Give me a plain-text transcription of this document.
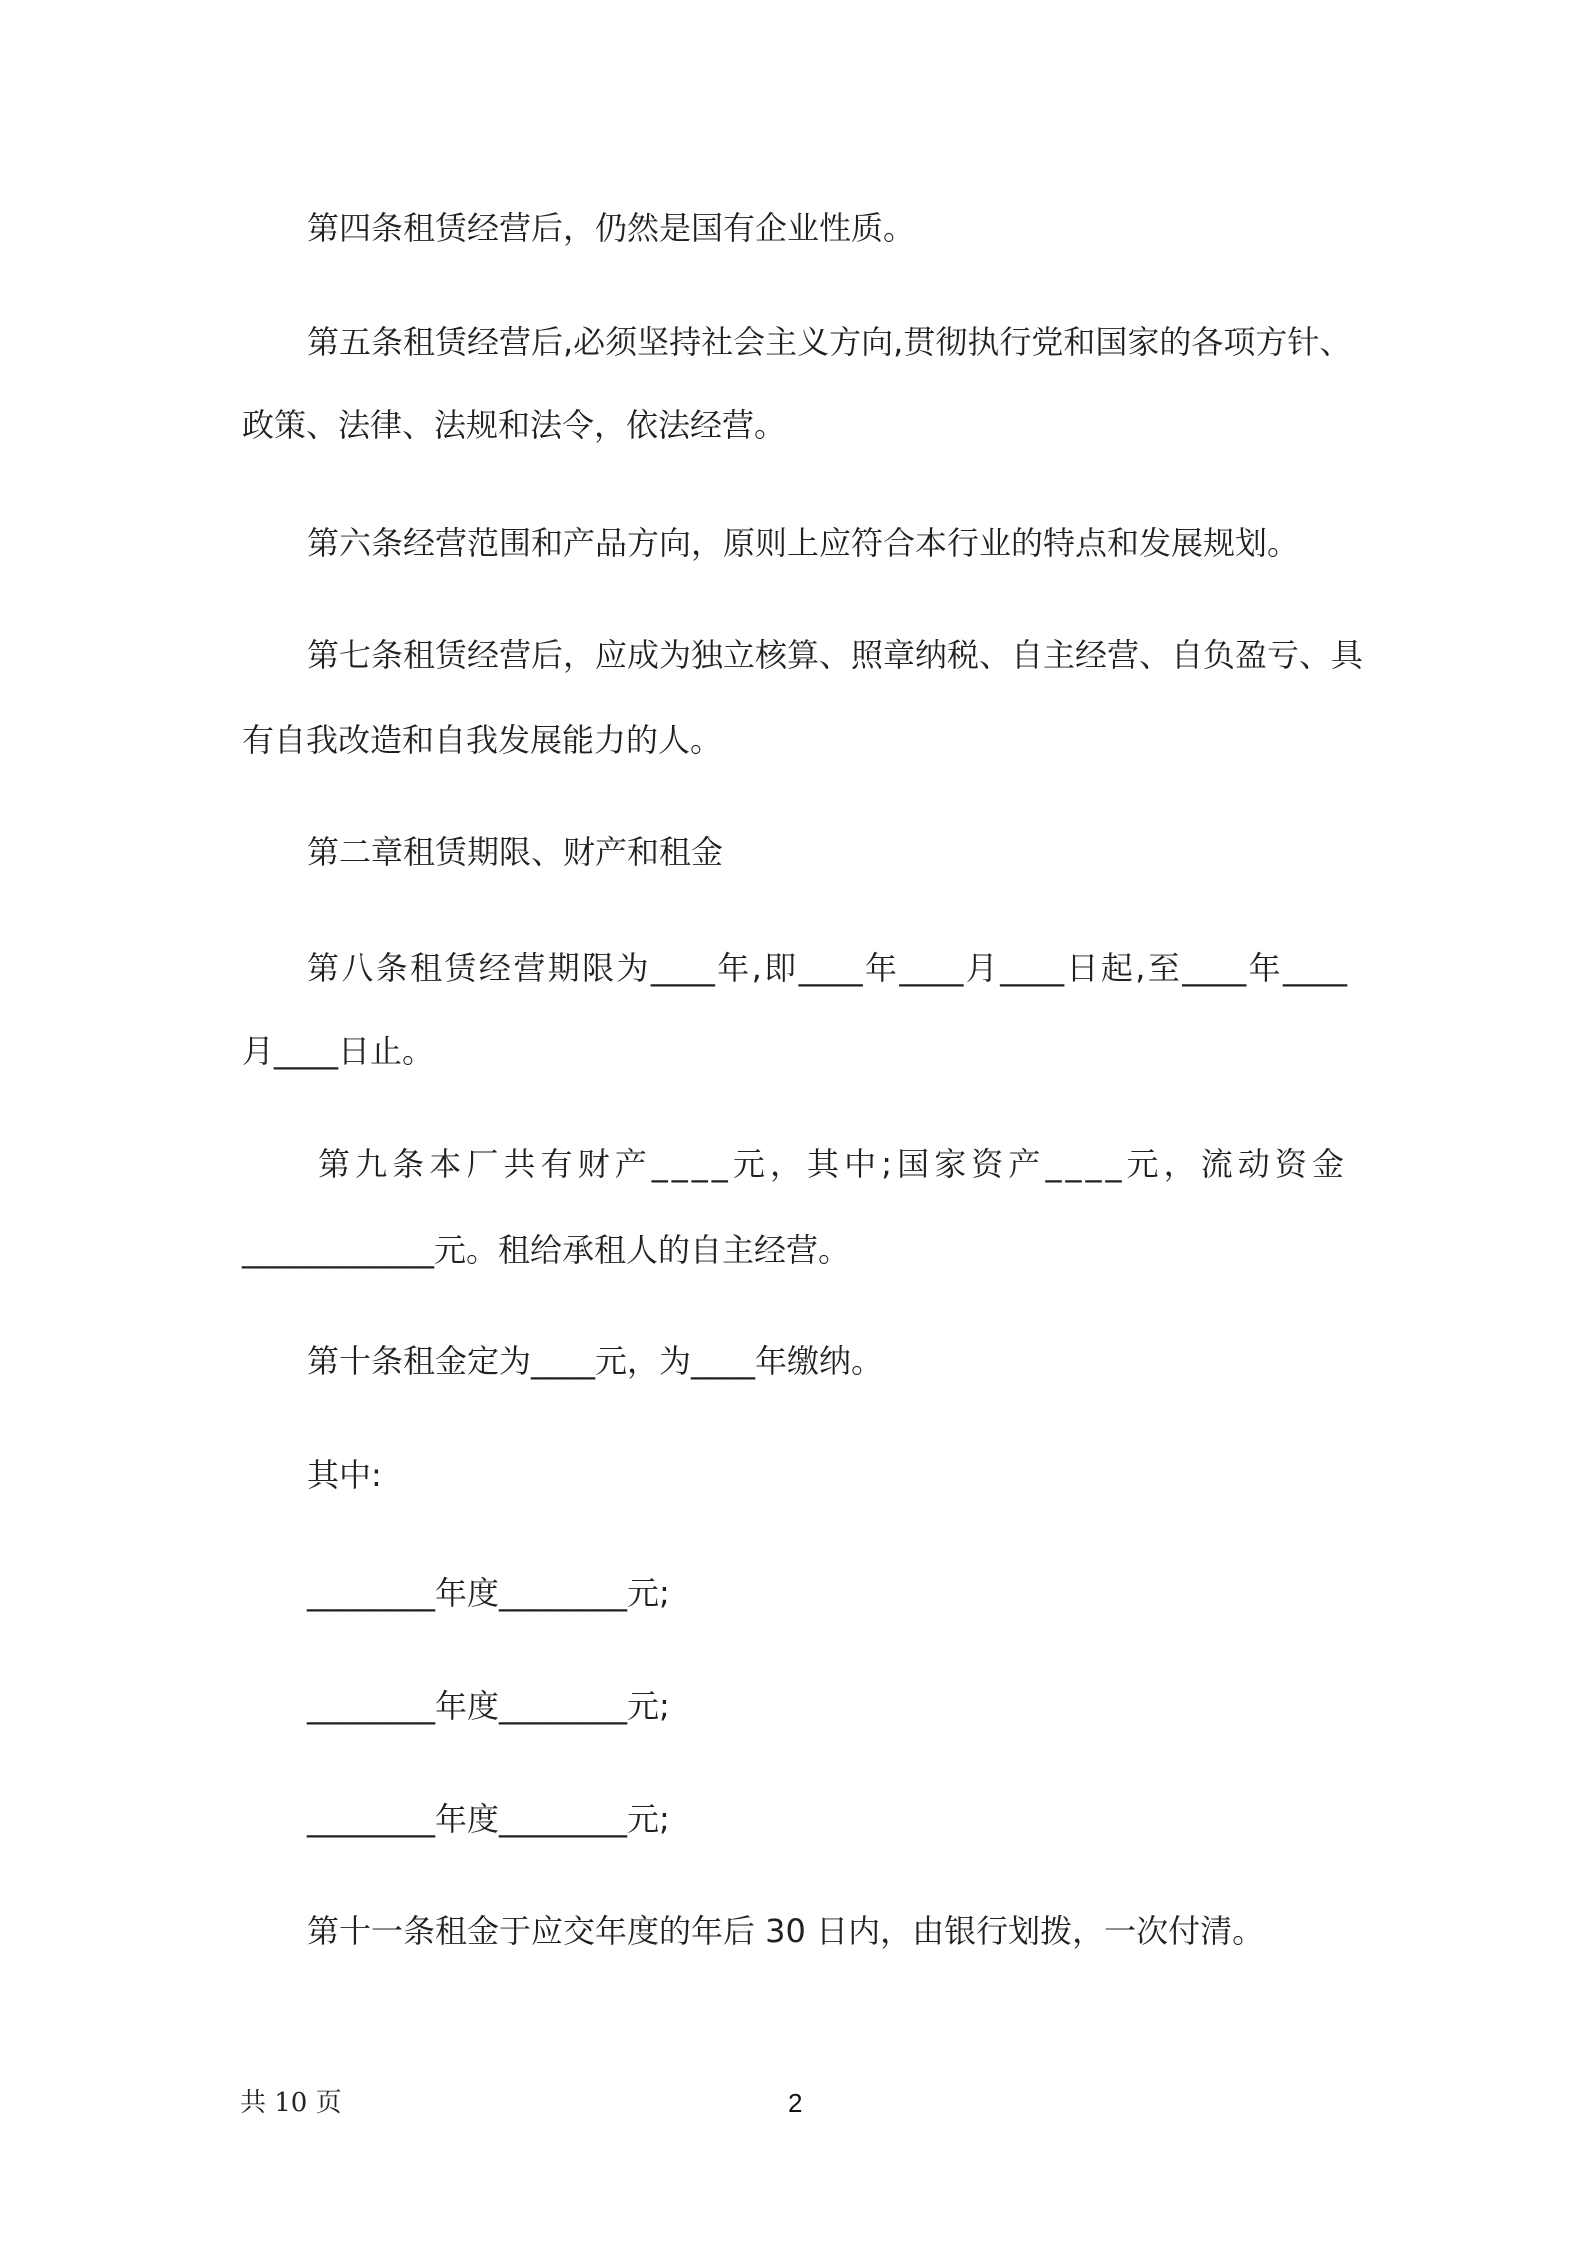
第四条租赁经营后，仍然是国有企业性质。
第五条租赁经营后,必须坚持社会主义方向,贯彻执行党和国家的各项方针、
政策、法律、法规和法令，依法经营。
第六条经营范围和产品方向，原则上应符合本行业的特点和发展规划。
第七条租赁经营后，应成为独立核算、照章纳税、自主经营、自负盈亏、具
有自我改造和自我发展能力的人。
第二章租赁期限、财产和租金
第八条租赁经营期限为____年,即____年____月____日起,至____年____
月____日止。
第九条本厂共有财产____元，其中;国家资产____元，流动资金
____________元。租给承租人的自主经营。
第十条租金定为____元，为____年缴纳。
其中:
________年度________元;
________年度________元;
________年度________元;
第十一条租金于应交年度的年后 30 日内，由银行划拨，一次付清。
共 10 页	2
